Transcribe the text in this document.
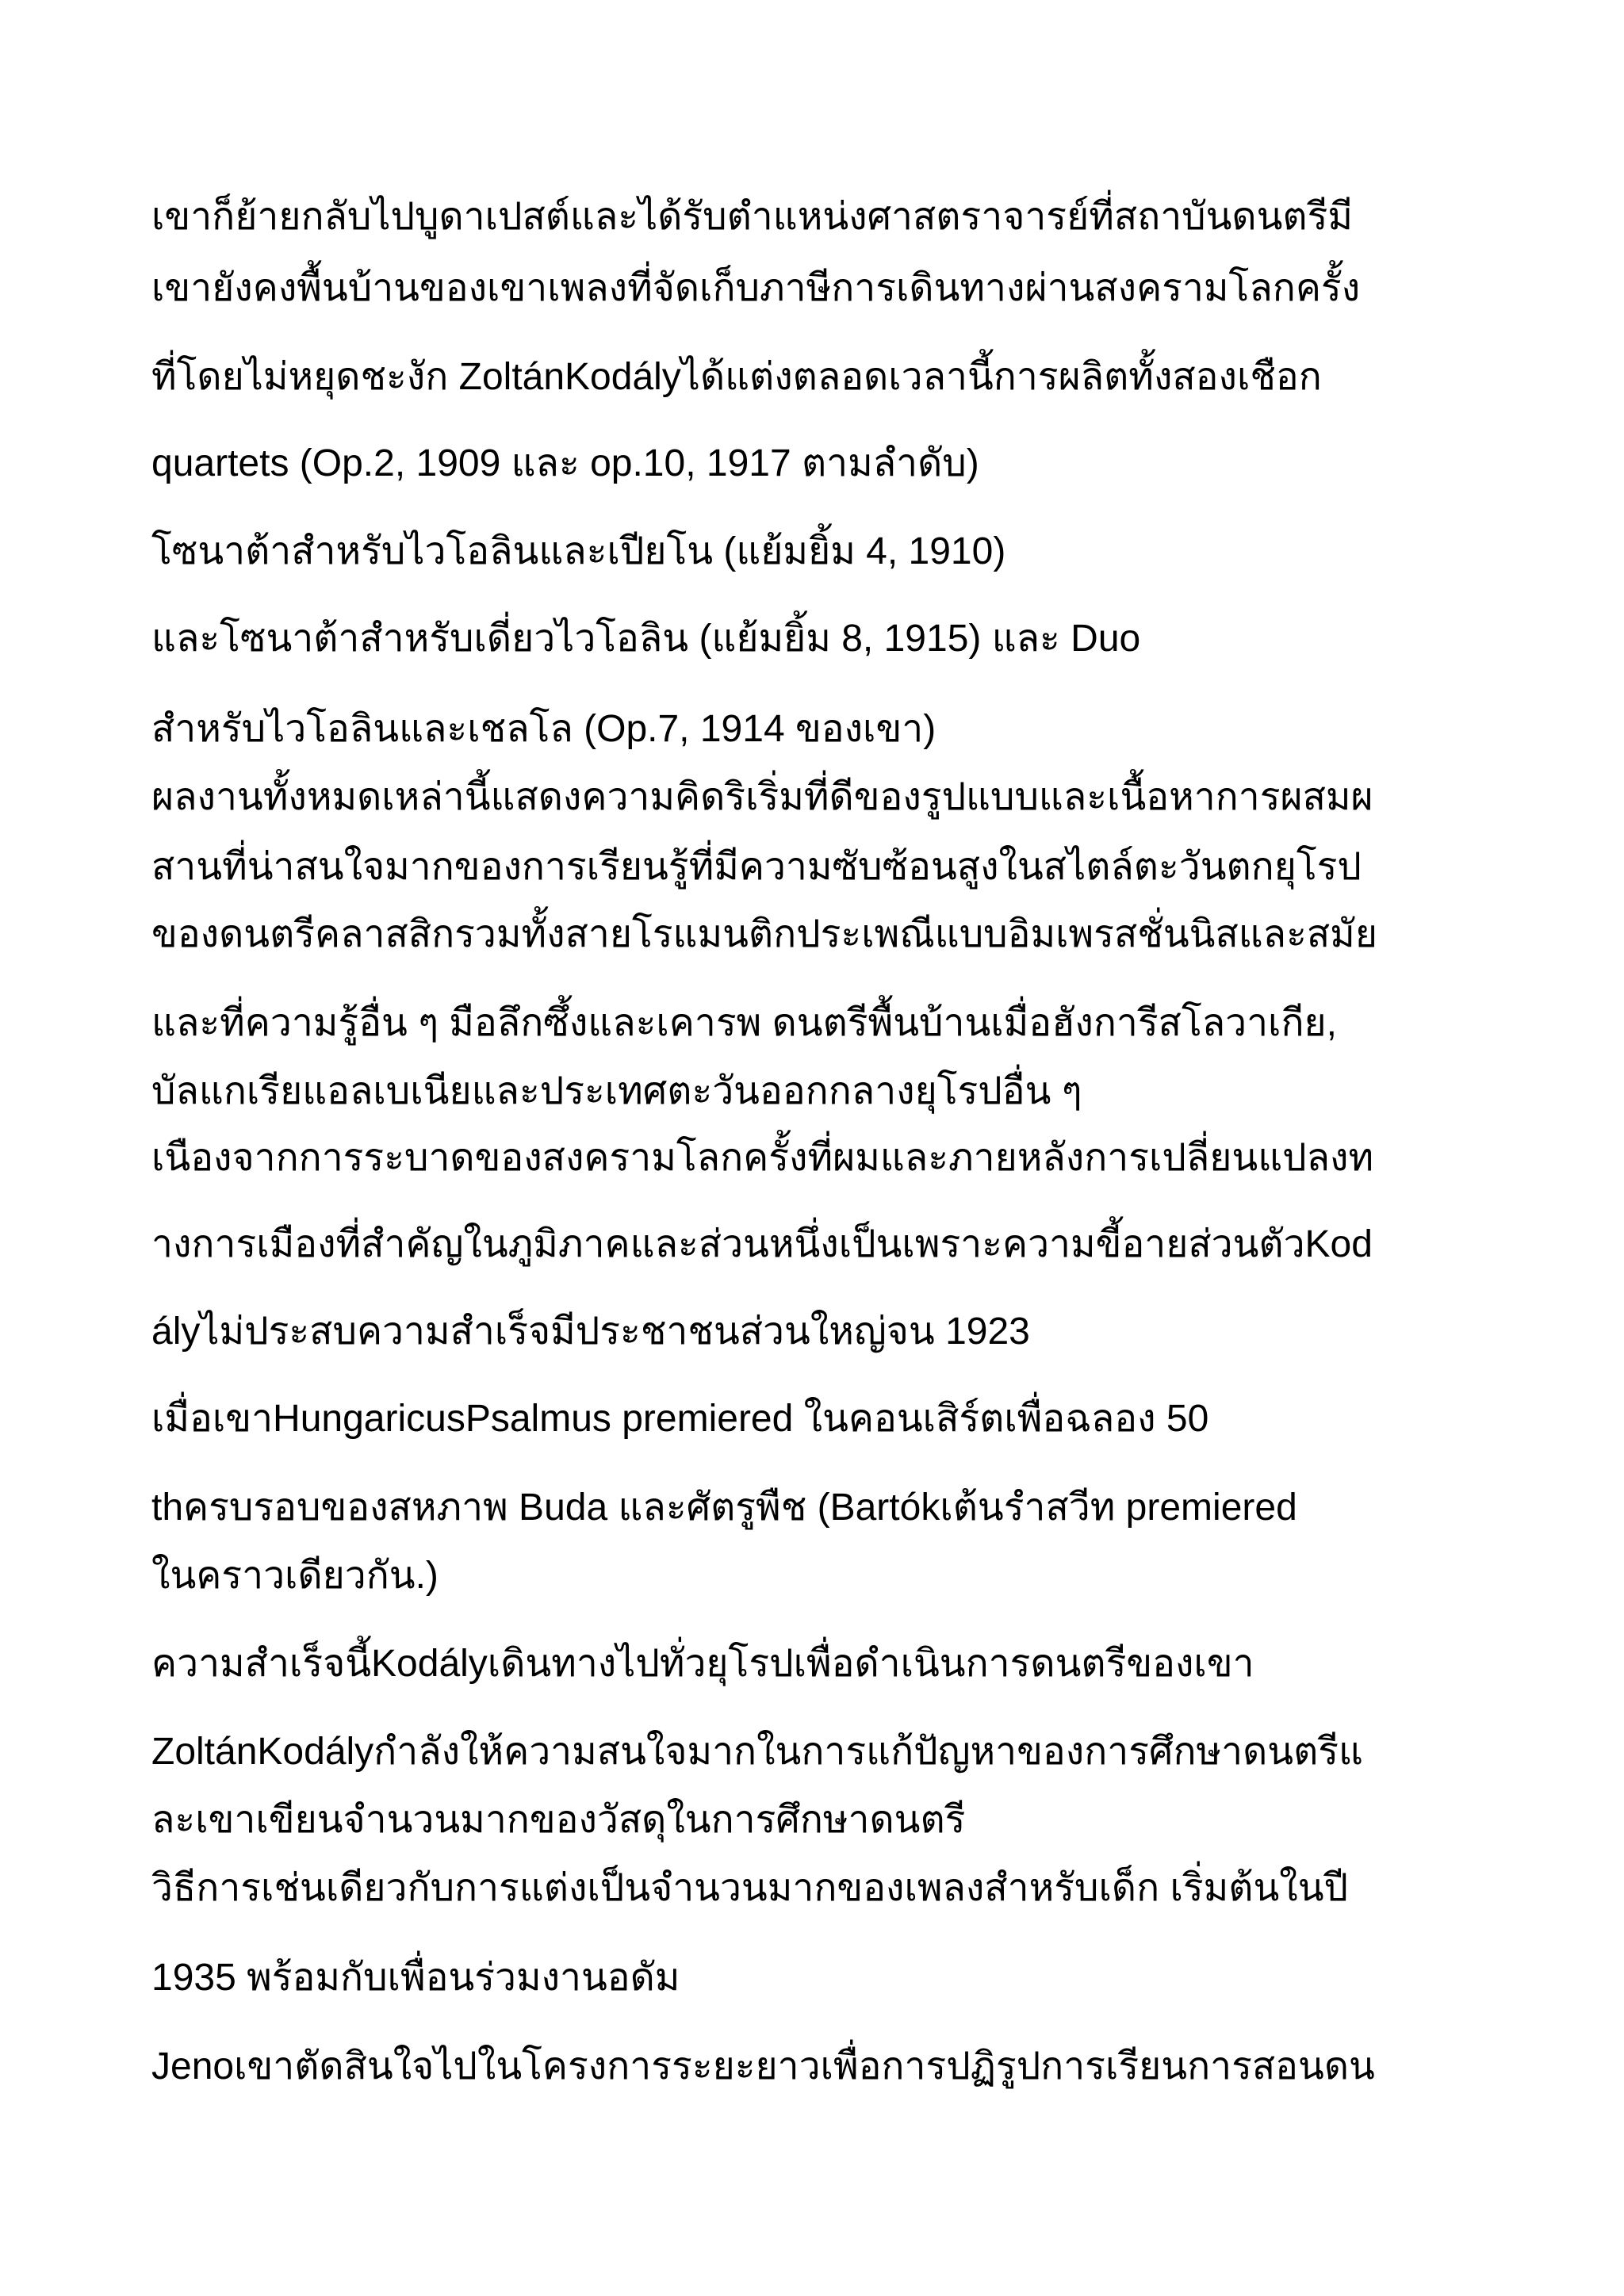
เขาก็ย้ายกลับไปบูดาเปสต์และได้รับตำแหน่งศาสตราจารย์ที่สถาบันดนตรีมี

เขายังคงพื้นบ้านของเขาเพลงที่จัดเก็บภาษีการเดินทางผ่านสงครามโลกครั้ง

ที่โดยไม่หยุดชะงัก ZoltánKodályได้แต่งตลอดเวลานี้การผลิตทั้งสองเชือก

quartets (Op.2, 1909 และ op.10, 1917 ตามลำดับ)

โซนาต้าสำหรับไวโอลินและเปียโน (แย้มยิ้ม 4, 1910)

และโซนาต้าสำหรับเดี่ยวไวโอลิน (แย้มยิ้ม 8, 1915) และ Duo

สำหรับไวโอลินและเชลโล (Op.7, 1914 ของเขา)

ผลงานทั้งหมดเหล่านี้แสดงความคิดริเริ่มที่ดีของรูปแบบและเนื้อหาการผสมผ

สานที่น่าสนใจมากของการเรียนรู้ที่มีความซับซ้อนสูงในสไตล์ตะวันตกยุโรป

ของดนตรีคลาสสิกรวมทั้งสายโรแมนติกประเพณีแบบอิมเพรสชั่นนิสและสมัย

และที่ความรู้อื่น ๆ มือลึกซึ้งและเคารพ ดนตรีพื้นบ้านเมื่อฮังการีสโลวาเกีย,

บัลแกเรียแอลเบเนียและประเทศตะวันออกกลางยุโรปอื่น ๆ

เนืองจากการระบาดของสงครามโลกครั้งที่ผมและภายหลังการเปลี่ยนแปลงท

างการเมืองที่สำคัญในภูมิภาคและส่วนหนึ่งเป็นเพราะความขี้อายส่วนตัวKod

ályไม่ประสบความสำเร็จมีประชาชนส่วนใหญ่จน 1923

เมื่อเขาHungaricusPsalmus premiered ในคอนเสิร์ตเพื่อฉลอง 50

thครบรอบของสหภาพ Buda และศัตรูพืช (Bartókเต้นรำสวีท premiered

ในคราวเดียวกัน.)

ความสำเร็จนี้Kodályเดินทางไปทั่วยุโรปเพื่อดำเนินการดนตรีของเขา

ZoltánKodályกำลังให้ความสนใจมากในการแก้ปัญหาของการศึกษาดนตรีแ

ละเขาเขียนจำนวนมากของวัสดุในการศึกษาดนตรี

วิธีการเช่นเดียวกับการแต่งเป็นจำนวนมากของเพลงสำหรับเด็ก เริ่มต้นในปี

1935 พร้อมกับเพื่อนร่วมงานอดัม

Jenoเขาตัดสินใจไปในโครงการระยะยาวเพื่อการปฏิรูปการเรียนการสอนดน
